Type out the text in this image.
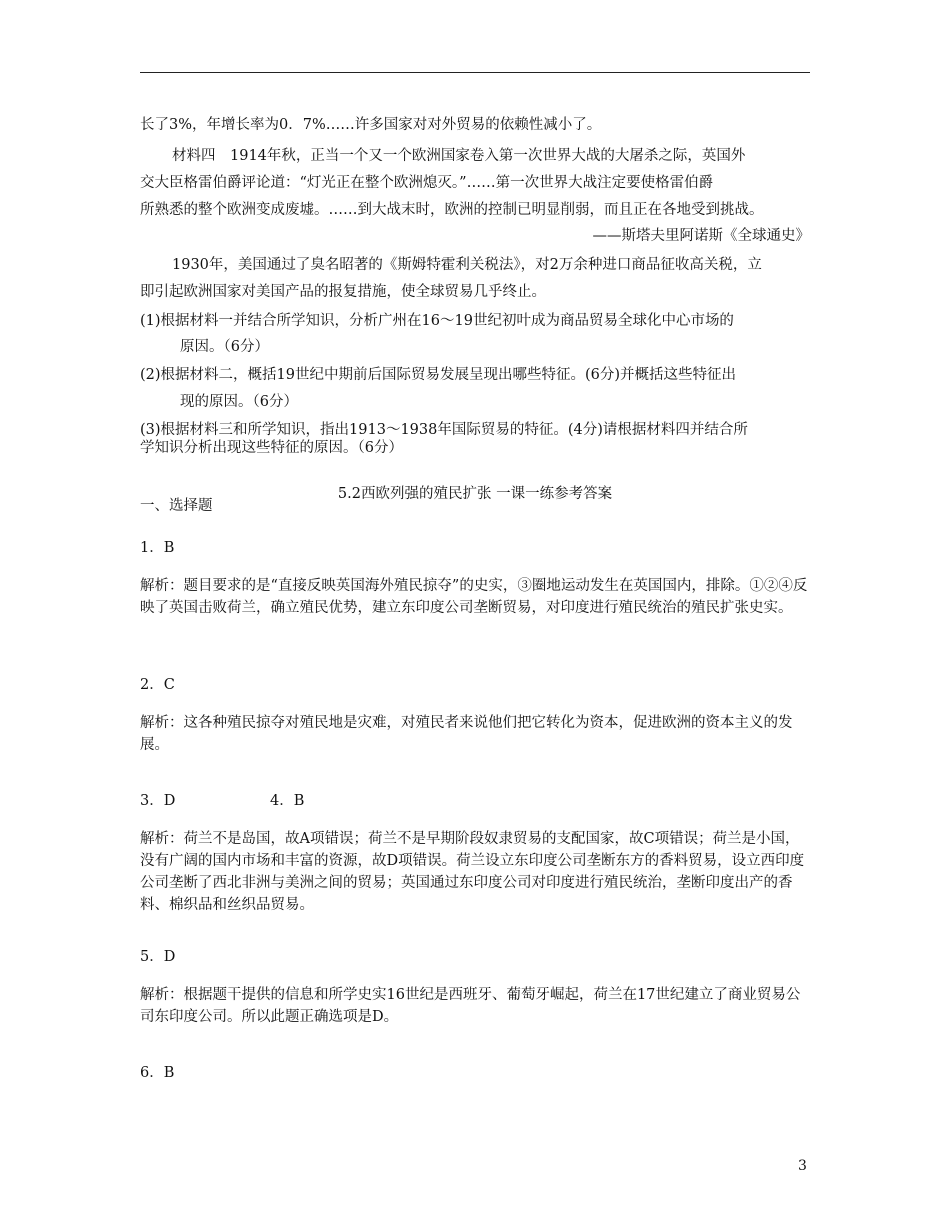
长了3%，年增长率为0．7%……许多国家对对外贸易的依赖性减小了。
材料四　1914年秋，正当一个又一个欧洲国家卷入第一次世界大战的大屠杀之际，英国外
交大臣格雷伯爵评论道：“灯光正在整个欧洲熄灭。”……第一次世界大战注定要使格雷伯爵
所熟悉的整个欧洲变成废墟。……到大战末时，欧洲的控制已明显削弱，而且正在各地受到挑战。
——斯塔夫里阿诺斯《全球通史》
1930年，美国通过了臭名昭著的《斯姆特霍利关税法》，对2万余种进口商品征收高关税，立
即引起欧洲国家对美国产品的报复措施，使全球贸易几乎终止。
(1)根据材料一并结合所学知识，分析广州在16～19世纪初叶成为商品贸易全球化中心市场的
原因。（6分）
(2)根据材料二，概括19世纪中期前后国际贸易发展呈现出哪些特征。(6分)并概括这些特征出
现的原因。（6分）
(3)根据材料三和所学知识，指出1913～1938年国际贸易的特征。(4分)请根据材料四并结合所
学知识分析出现这些特征的原因。（6分）
5.2西欧列强的殖民扩张 一课一练参考答案
一、选择题
1．B
解析：题目要求的是“直接反映英国海外殖民掠夺”的史实，③圈地运动发生在英国国内，排除。①②④反映了英国击败荷兰，确立殖民优势，建立东印度公司垄断贸易，对印度进行殖民统治的殖民扩张史实。
2．C
解析：这各种殖民掠夺对殖民地是灾难，对殖民者来说他们把它转化为资本，促进欧洲的资本主义的发展。
3．D	4．B
解析：荷兰不是岛国，故A项错误；荷兰不是早期阶段奴隶贸易的支配国家，故C项错误；荷兰是小国，没有广阔的国内市场和丰富的资源，故D项错误。荷兰设立东印度公司垄断东方的香料贸易，设立西印度公司垄断了西北非洲与美洲之间的贸易；英国通过东印度公司对印度进行殖民统治，垄断印度出产的香料、棉织品和丝织品贸易。
5．D
解析：根据题干提供的信息和所学史实16世纪是西班牙、葡萄牙崛起，荷兰在17世纪建立了商业贸易公司东印度公司。所以此题正确选项是D。
6．B
3
